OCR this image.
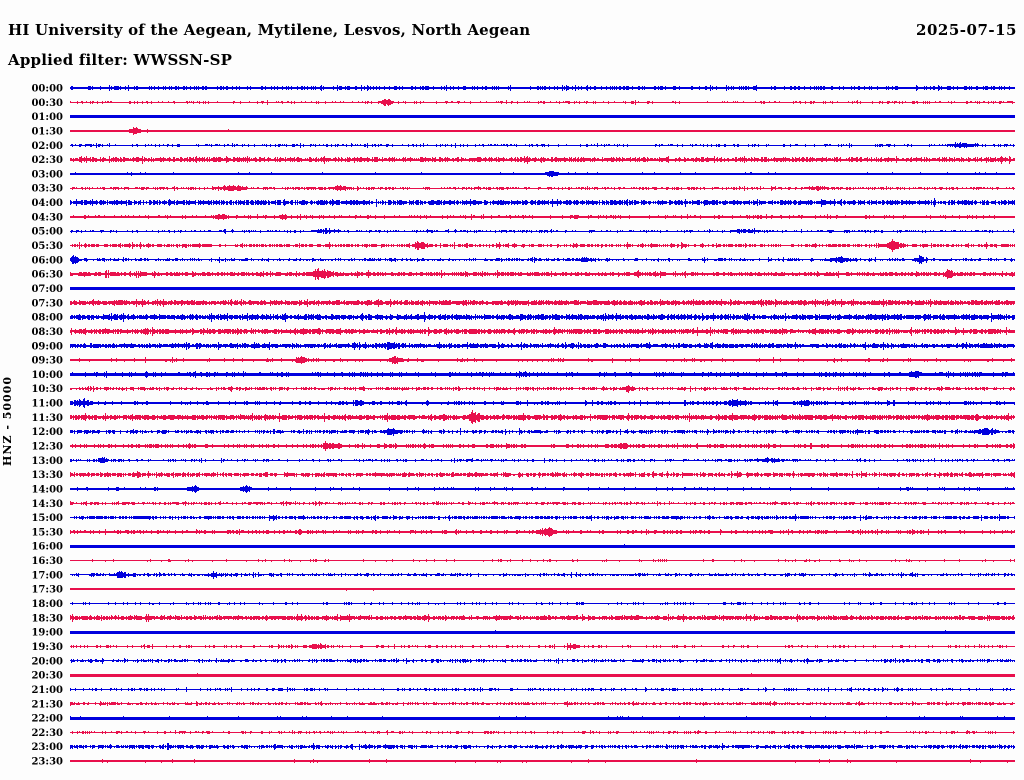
HI University of the Aegean, Mytilene, Lesvos, North Aegean	2025-07-15
Applied filter: WWSSN-SP
HNZ - 50000
00:00
00:30
01:00
01:30
02:00
02:30
03:00
03:30
04:00
04:30
05:00
05:30
06:00
06:30
07:00
07:30
08:00
08:30
09:00
09:30
10:00
10:30
11:00
11:30
12:00
12:30
13:00
13:30
14:00
14:30
15:00
15:30
16:00
16:30
17:00
17:30
18:00
18:30
19:00
19:30
20:00
20:30
21:00
21:30
22:00
22:30
23:00
23:30
